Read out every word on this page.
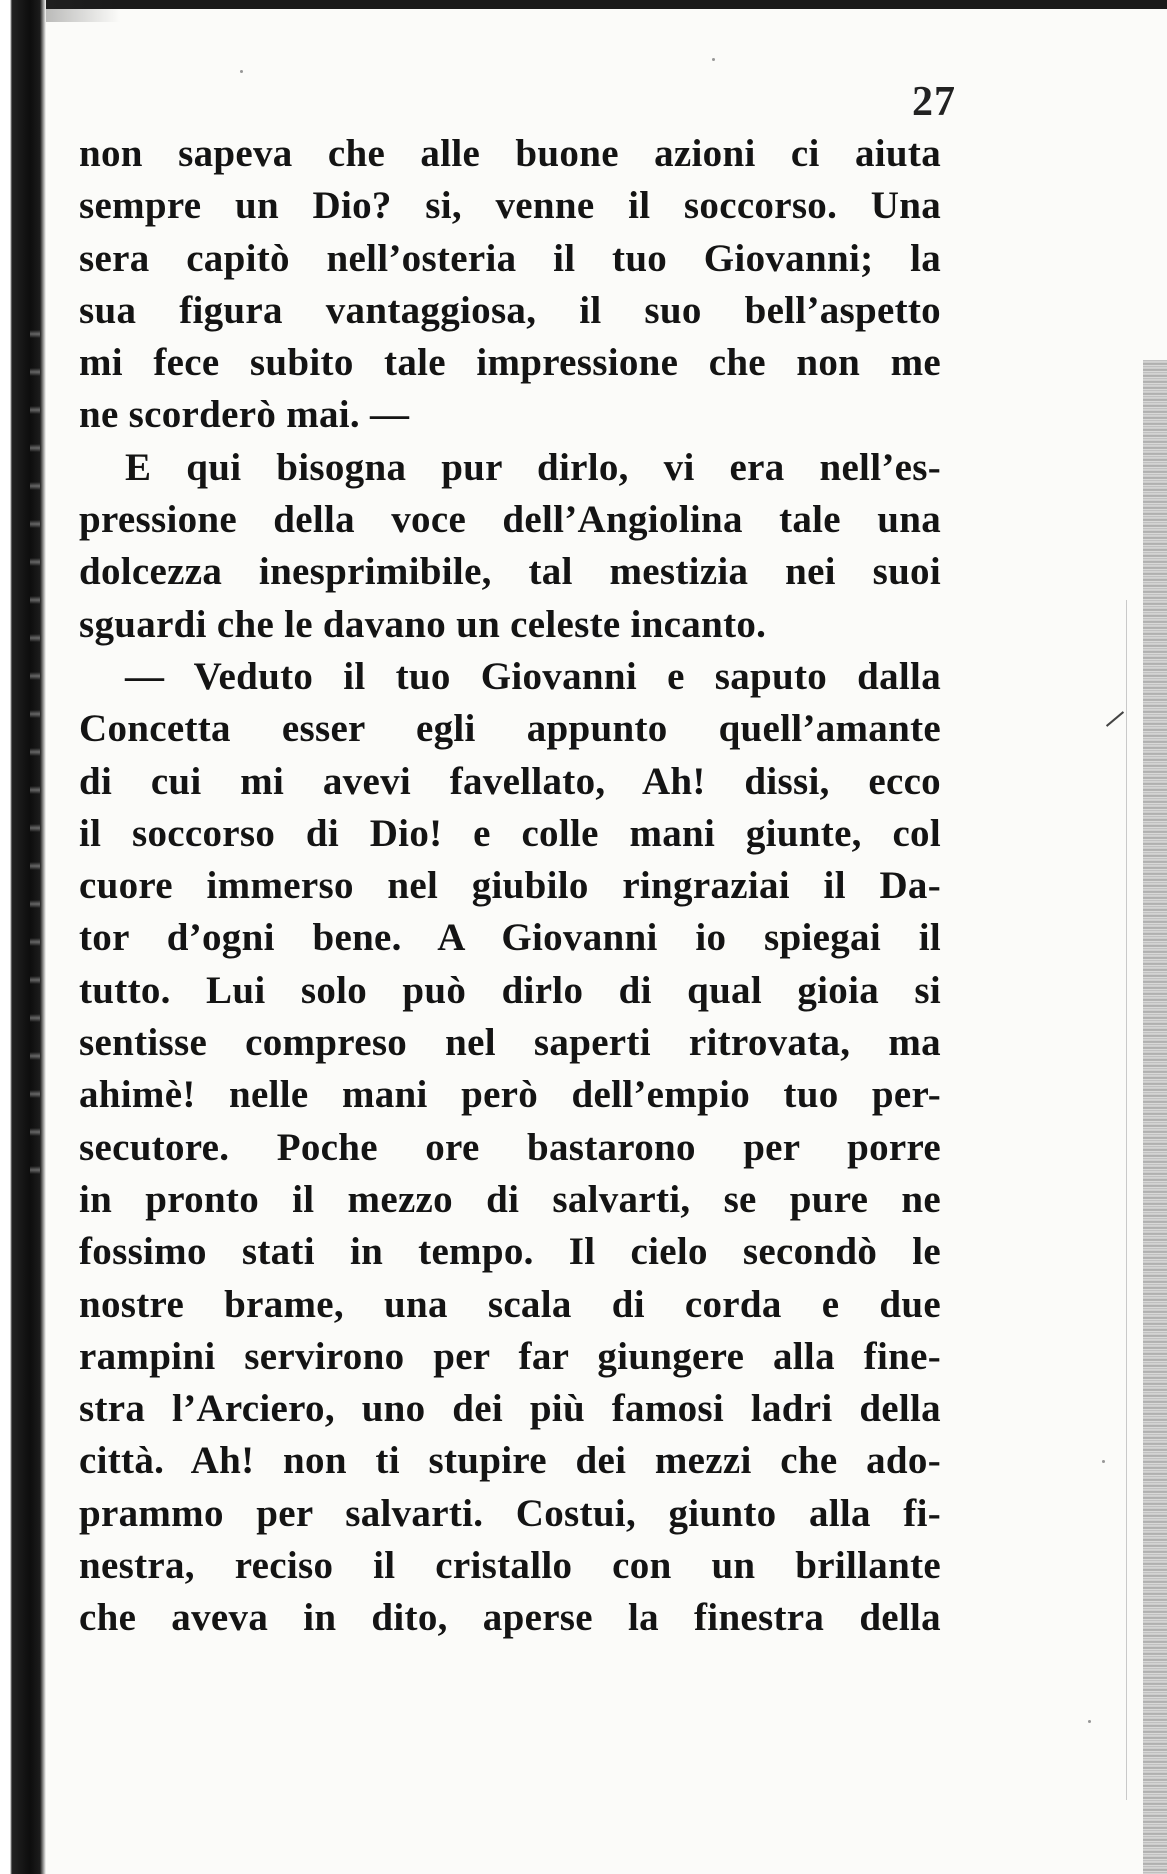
27
non sapeva che alle buone azioni ci aiuta
sempre un Dio? si, venne il soccorso. Una
sera capitò nell’osteria il tuo Giovanni; la
sua figura vantaggiosa, il suo bell’aspetto
mi fece subito tale impressione che non me
ne scorderò mai. —
E qui bisogna pur dirlo, vi era nell’es-
pressione della voce dell’Angiolina tale una
dolcezza inesprimibile, tal mestizia nei suoi
sguardi che le davano un celeste incanto.
— Veduto il tuo Giovanni e saputo dalla
Concetta esser egli appunto quell’amante
di cui mi avevi favellato, Ah! dissi, ecco
il soccorso di Dio! e colle mani giunte, col
cuore immerso nel giubilo ringraziai il Da-
tor d’ogni bene. A Giovanni io spiegai il
tutto. Lui solo può dirlo di qual gioia si
sentisse compreso nel saperti ritrovata, ma
ahimè! nelle mani però dell’empio tuo per-
secutore. Poche ore bastarono per porre
in pronto il mezzo di salvarti, se pure ne
fossimo stati in tempo. Il cielo secondò le
nostre brame, una scala di corda e due
rampini servirono per far giungere alla fine-
stra l’Arciero, uno dei più famosi ladri della
città. Ah! non ti stupire dei mezzi che ado-
prammo per salvarti. Costui, giunto alla fi-
nestra, reciso il cristallo con un brillante
che aveva in dito, aperse la finestra della
